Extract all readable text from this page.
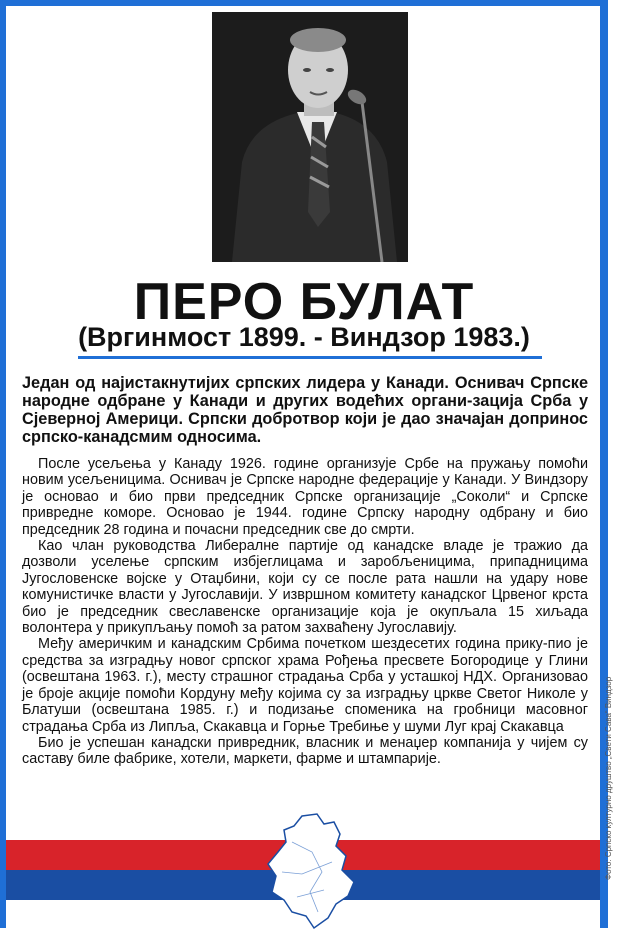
ПЕРО БУЛАТ
(Вргинмост 1899. - Виндзор 1983.)
Један од најистакнутијих српских лидера у Канади. Оснивач Српске народне одбране у Канади и других водећих органи-зација Срба у Сјеверној Америци. Српски добротвор који је дао значајан допринос српско-канадсмим односима.

После усељења у Канаду 1926. године организује Србе на пружању помоћи новим усељеницима. Оснивач је Српске народне федерације у Канади. У Виндзору је основао и био први председник Српске организације „Соколи“ и Српске привредне коморе. Основао је 1944. године Српску народну одбрану и био председник 28 година и почасни председник све до смрти.

Као члан руководства Либералне партије од канадске владе је тражио да дозволи уселење српским избјеглицама и заробљеницима, припадницима Југословенске војске у Отаџбини, који су се после рата нашли на удару нове комунистичке власти у Југославији. У извршном комитету канадског Црвеног крста био је председник свеславенске организације која је окупљала 15 хиљада волонтера у прикупљању помоћ за ратом захваћену Југославију.

Међу америчким и канадским Србима почетком шездесетих година прику-пио је средства за изградњу новог српског храма Рођења пресвете Богородице у Глини (освештана 1963. г.), месту страшног страдања Срба у усташкој НДХ. Организовао је броје акције помоћи Кордуну међу којима су за изградњу цркве Светог Николе у Блатуши (освештана 1985. г.) и подизање споменика на гробници масовног страдања Срба из Липља, Скакавца и Горње Требиње у шуми Луг крај Скакавца

Био је успешан канадски привредник, власник и менаџер компанија у чијем су саставу биле фабрике, хотели, маркети, фарме и штампарије.	Фото: Српско културно друштво „Свети Сава“ Виндзор
